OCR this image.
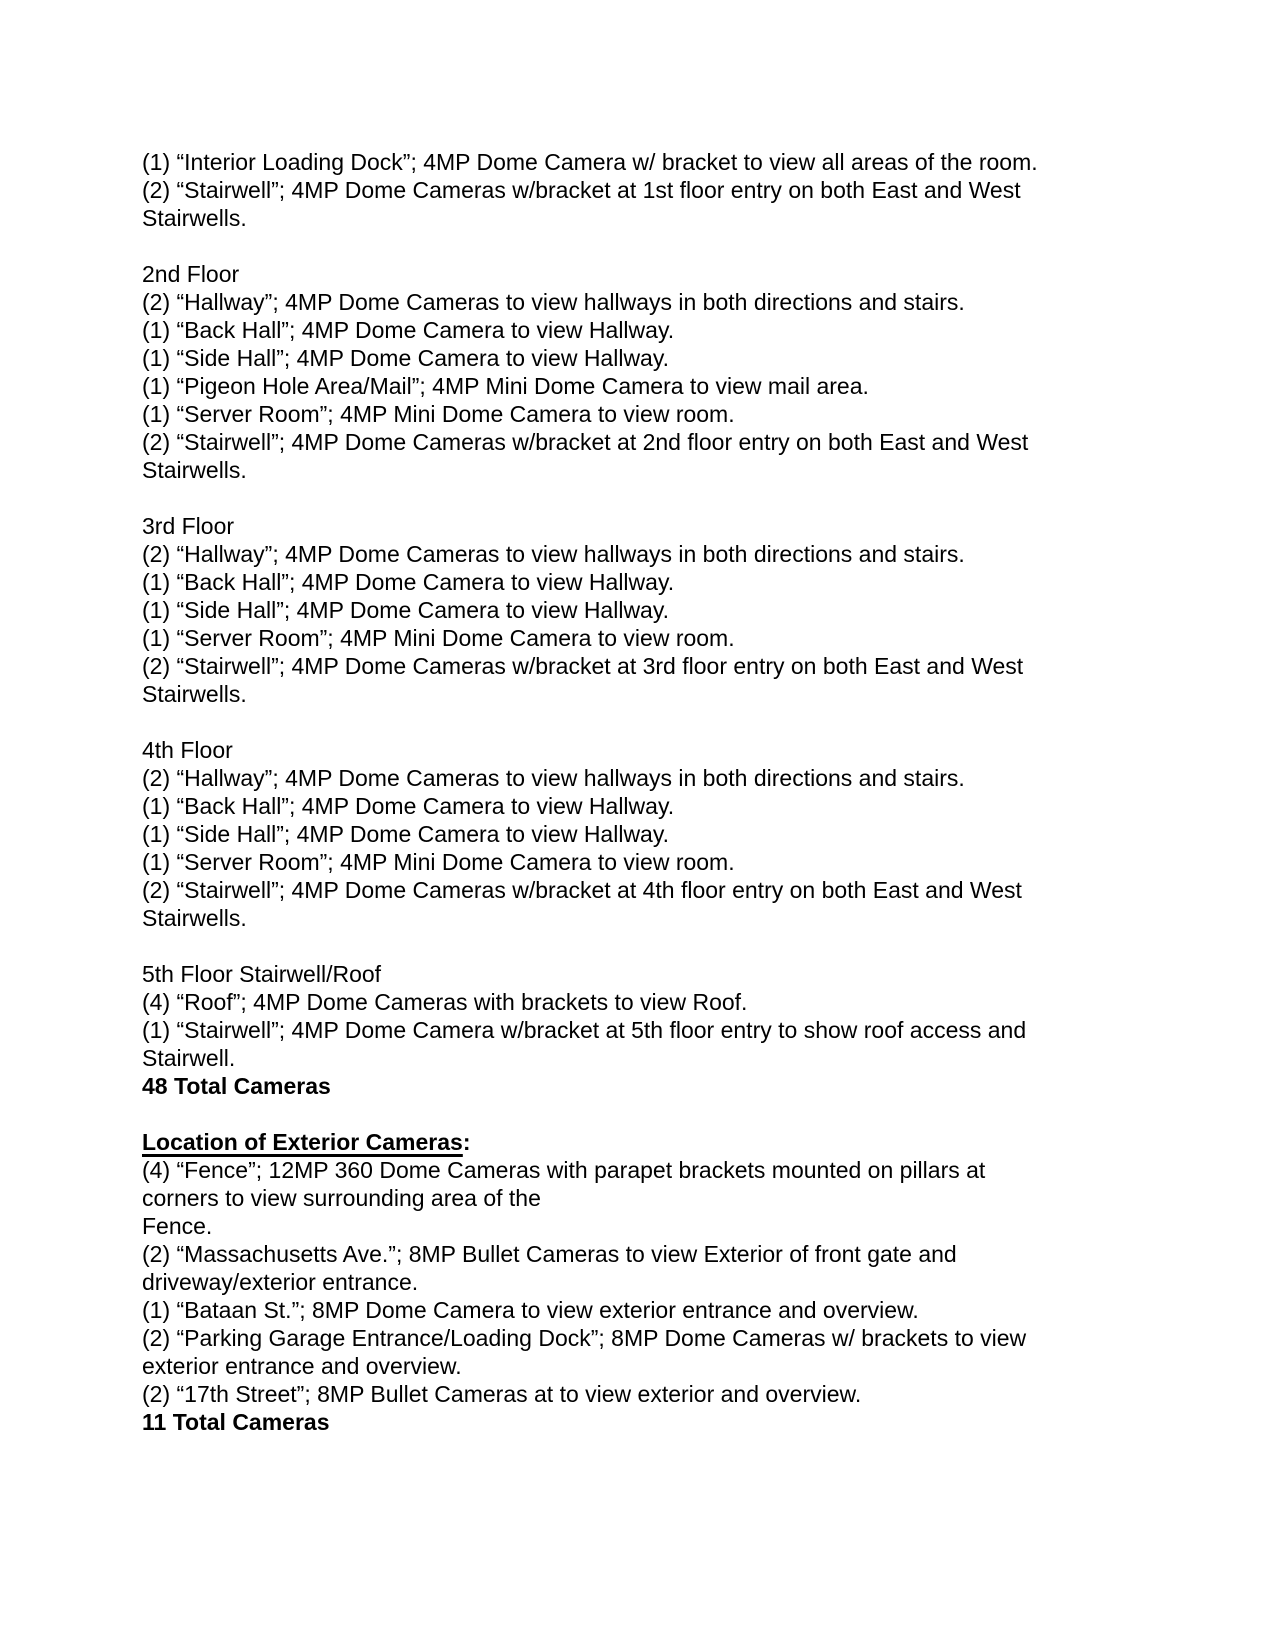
(1) “Interior Loading Dock”; 4MP Dome Camera w/ bracket to view all areas of the room.
(2) “Stairwell”; 4MP Dome Cameras w/bracket at 1st floor entry on both East and West
Stairwells.
2nd Floor
(2) “Hallway”; 4MP Dome Cameras to view hallways in both directions and stairs.
(1) “Back Hall”; 4MP Dome Camera to view Hallway.
(1) “Side Hall”; 4MP Dome Camera to view Hallway.
(1) “Pigeon Hole Area/Mail”; 4MP Mini Dome Camera to view mail area.
(1) “Server Room”; 4MP Mini Dome Camera to view room.
(2) “Stairwell”; 4MP Dome Cameras w/bracket at 2nd floor entry on both East and West
Stairwells.
3rd Floor
(2) “Hallway”; 4MP Dome Cameras to view hallways in both directions and stairs.
(1) “Back Hall”; 4MP Dome Camera to view Hallway.
(1) “Side Hall”; 4MP Dome Camera to view Hallway.
(1) “Server Room”; 4MP Mini Dome Camera to view room.
(2) “Stairwell”; 4MP Dome Cameras w/bracket at 3rd floor entry on both East and West
Stairwells.
4th Floor
(2) “Hallway”; 4MP Dome Cameras to view hallways in both directions and stairs.
(1) “Back Hall”; 4MP Dome Camera to view Hallway.
(1) “Side Hall”; 4MP Dome Camera to view Hallway.
(1) “Server Room”; 4MP Mini Dome Camera to view room.
(2) “Stairwell”; 4MP Dome Cameras w/bracket at 4th floor entry on both East and West
Stairwells.
5th Floor Stairwell/Roof
(4) “Roof”; 4MP Dome Cameras with brackets to view Roof.
(1) “Stairwell”; 4MP Dome Camera w/bracket at 5th floor entry to show roof access and
Stairwell.
48 Total Cameras
Location of Exterior Cameras:
(4) “Fence”; 12MP 360 Dome Cameras with parapet brackets mounted on pillars at
corners to view surrounding area of the
Fence.
(2) “Massachusetts Ave.”; 8MP Bullet Cameras to view Exterior of front gate and
driveway/exterior entrance.
(1) “Bataan St.”; 8MP Dome Camera to view exterior entrance and overview.
(2) “Parking Garage Entrance/Loading Dock”; 8MP Dome Cameras w/ brackets to view
exterior entrance and overview.
(2) “17th Street”; 8MP Bullet Cameras at to view exterior and overview.
11 Total Cameras
